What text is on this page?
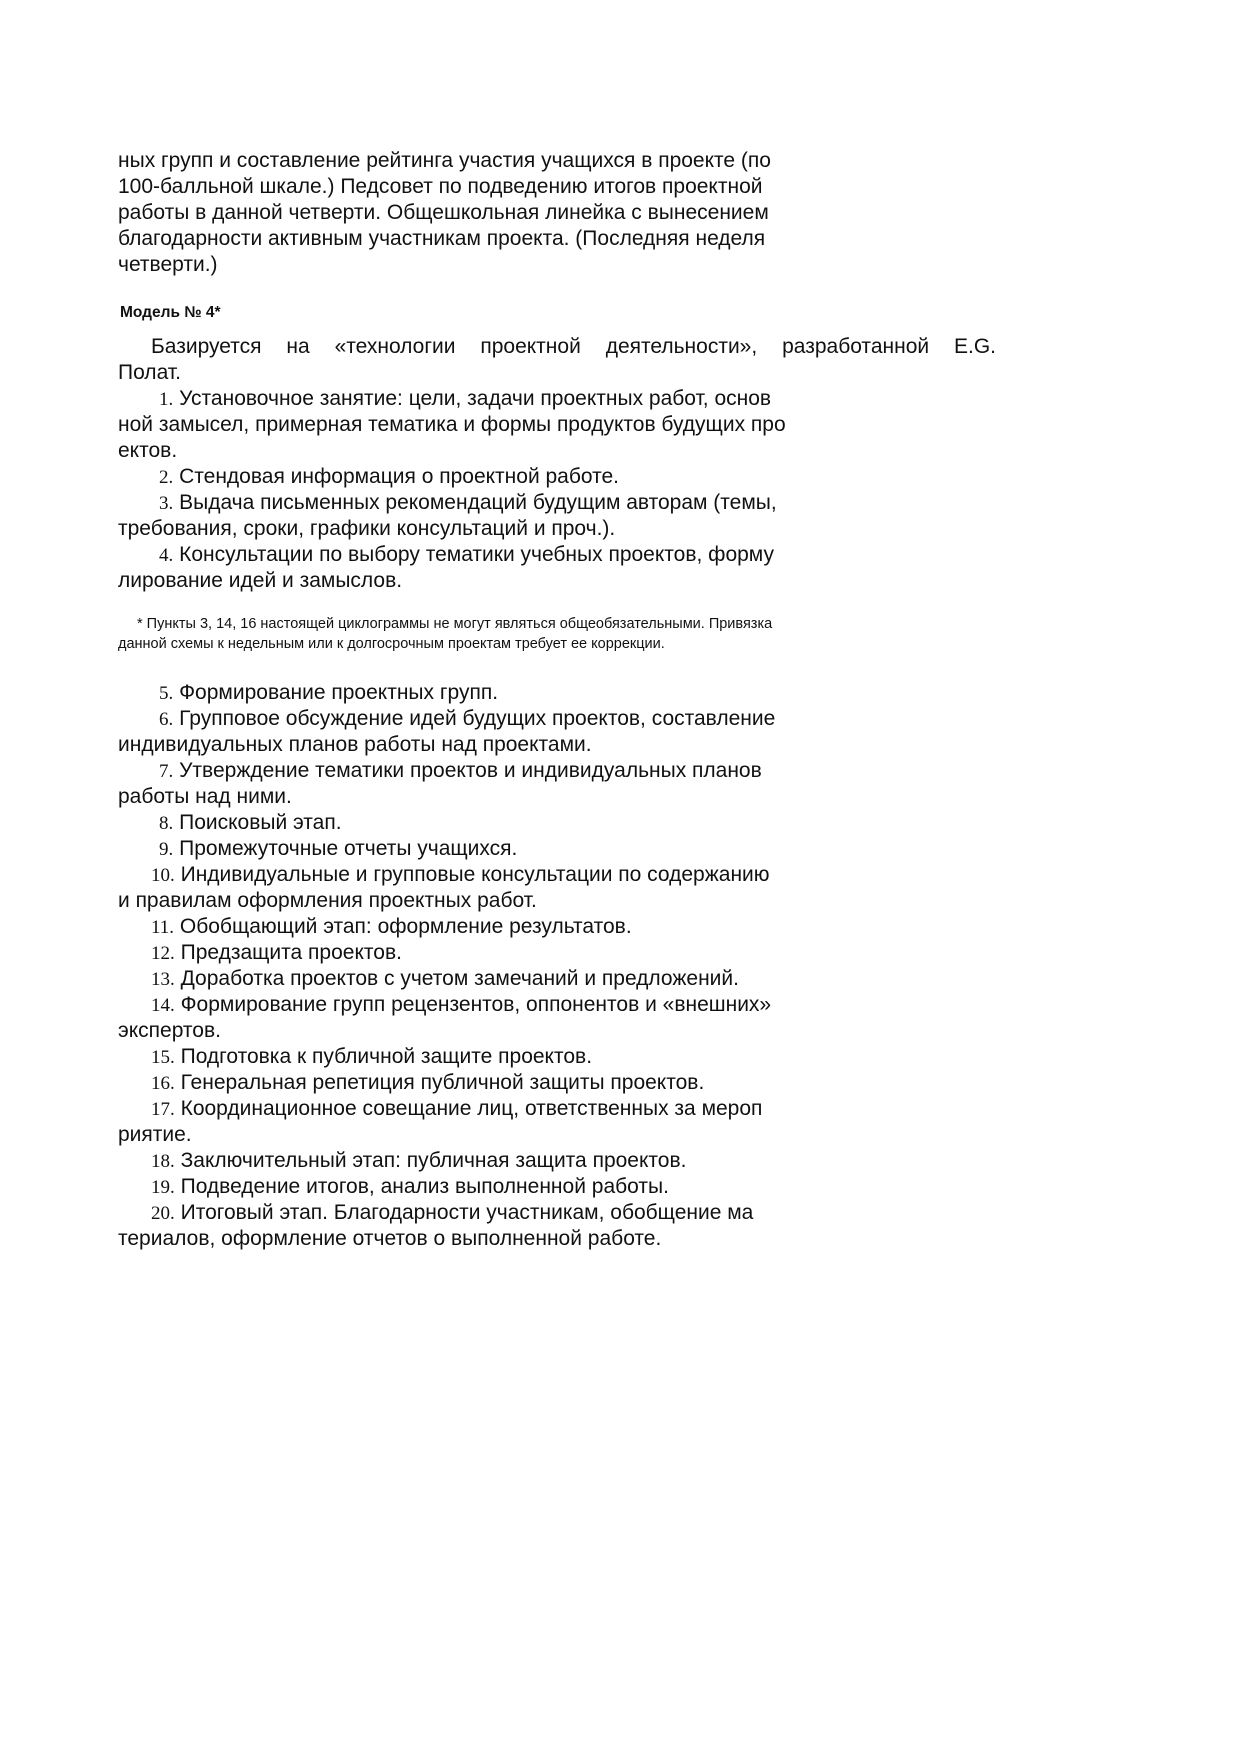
ных групп и составление рейтинга участия учащихся в проекте (по

100-балльной шкале.) Педсовет по подведению итогов проектной

работы в данной четверти. Общешкольная линейка с вынесением

благодарности активным участникам проекта. (Последняя неделя

четверти.)

Модель № 4*

Базируется на «технологии проектной деятельности», разработанной Е.G.

Полат.

1. Установочное занятие: цели, задачи проектных работ, основ

ной замысел, примерная тематика и формы продуктов будущих про

ектов.

2. Стендовая информация о проектной работе.

3. Выдача письменных рекомендаций будущим авторам (темы,

требования, сроки, графики консультаций и проч.).

4. Консультации по выбору тематики учебных проектов, форму

лирование идей и замыслов.

* Пункты 3, 14, 16 настоящей циклограммы не могут являться общеобязательными. Привязка

данной схемы к недельным или к долгосрочным проектам требует ее коррекции.

5. Формирование проектных групп.

6. Групповое обсуждение идей будущих проектов, составление

индивидуальных планов работы над проектами.

7. Утверждение тематики проектов и индивидуальных планов

работы над ними.

8. Поисковый этап.

9. Промежуточные отчеты учащихся.

10. Индивидуальные и групповые консультации по содержанию

и правилам оформления проектных работ.

11. Обобщающий этап: оформление результатов.

12. Предзащита проектов.

13. Доработка проектов с учетом замечаний и предложений.

14. Формирование групп рецензентов, оппонентов и «внешних»

экспертов.

15. Подготовка к публичной защите проектов.

16. Генеральная репетиция публичной защиты проектов.

17. Координационное совещание лиц, ответственных за мероп

риятие.

18. Заключительный этап: публичная защита проектов.

19. Подведение итогов, анализ выполненной работы.

20. Итоговый этап. Благодарности участникам, обобщение ма

териалов, оформление отчетов о выполненной работе.
